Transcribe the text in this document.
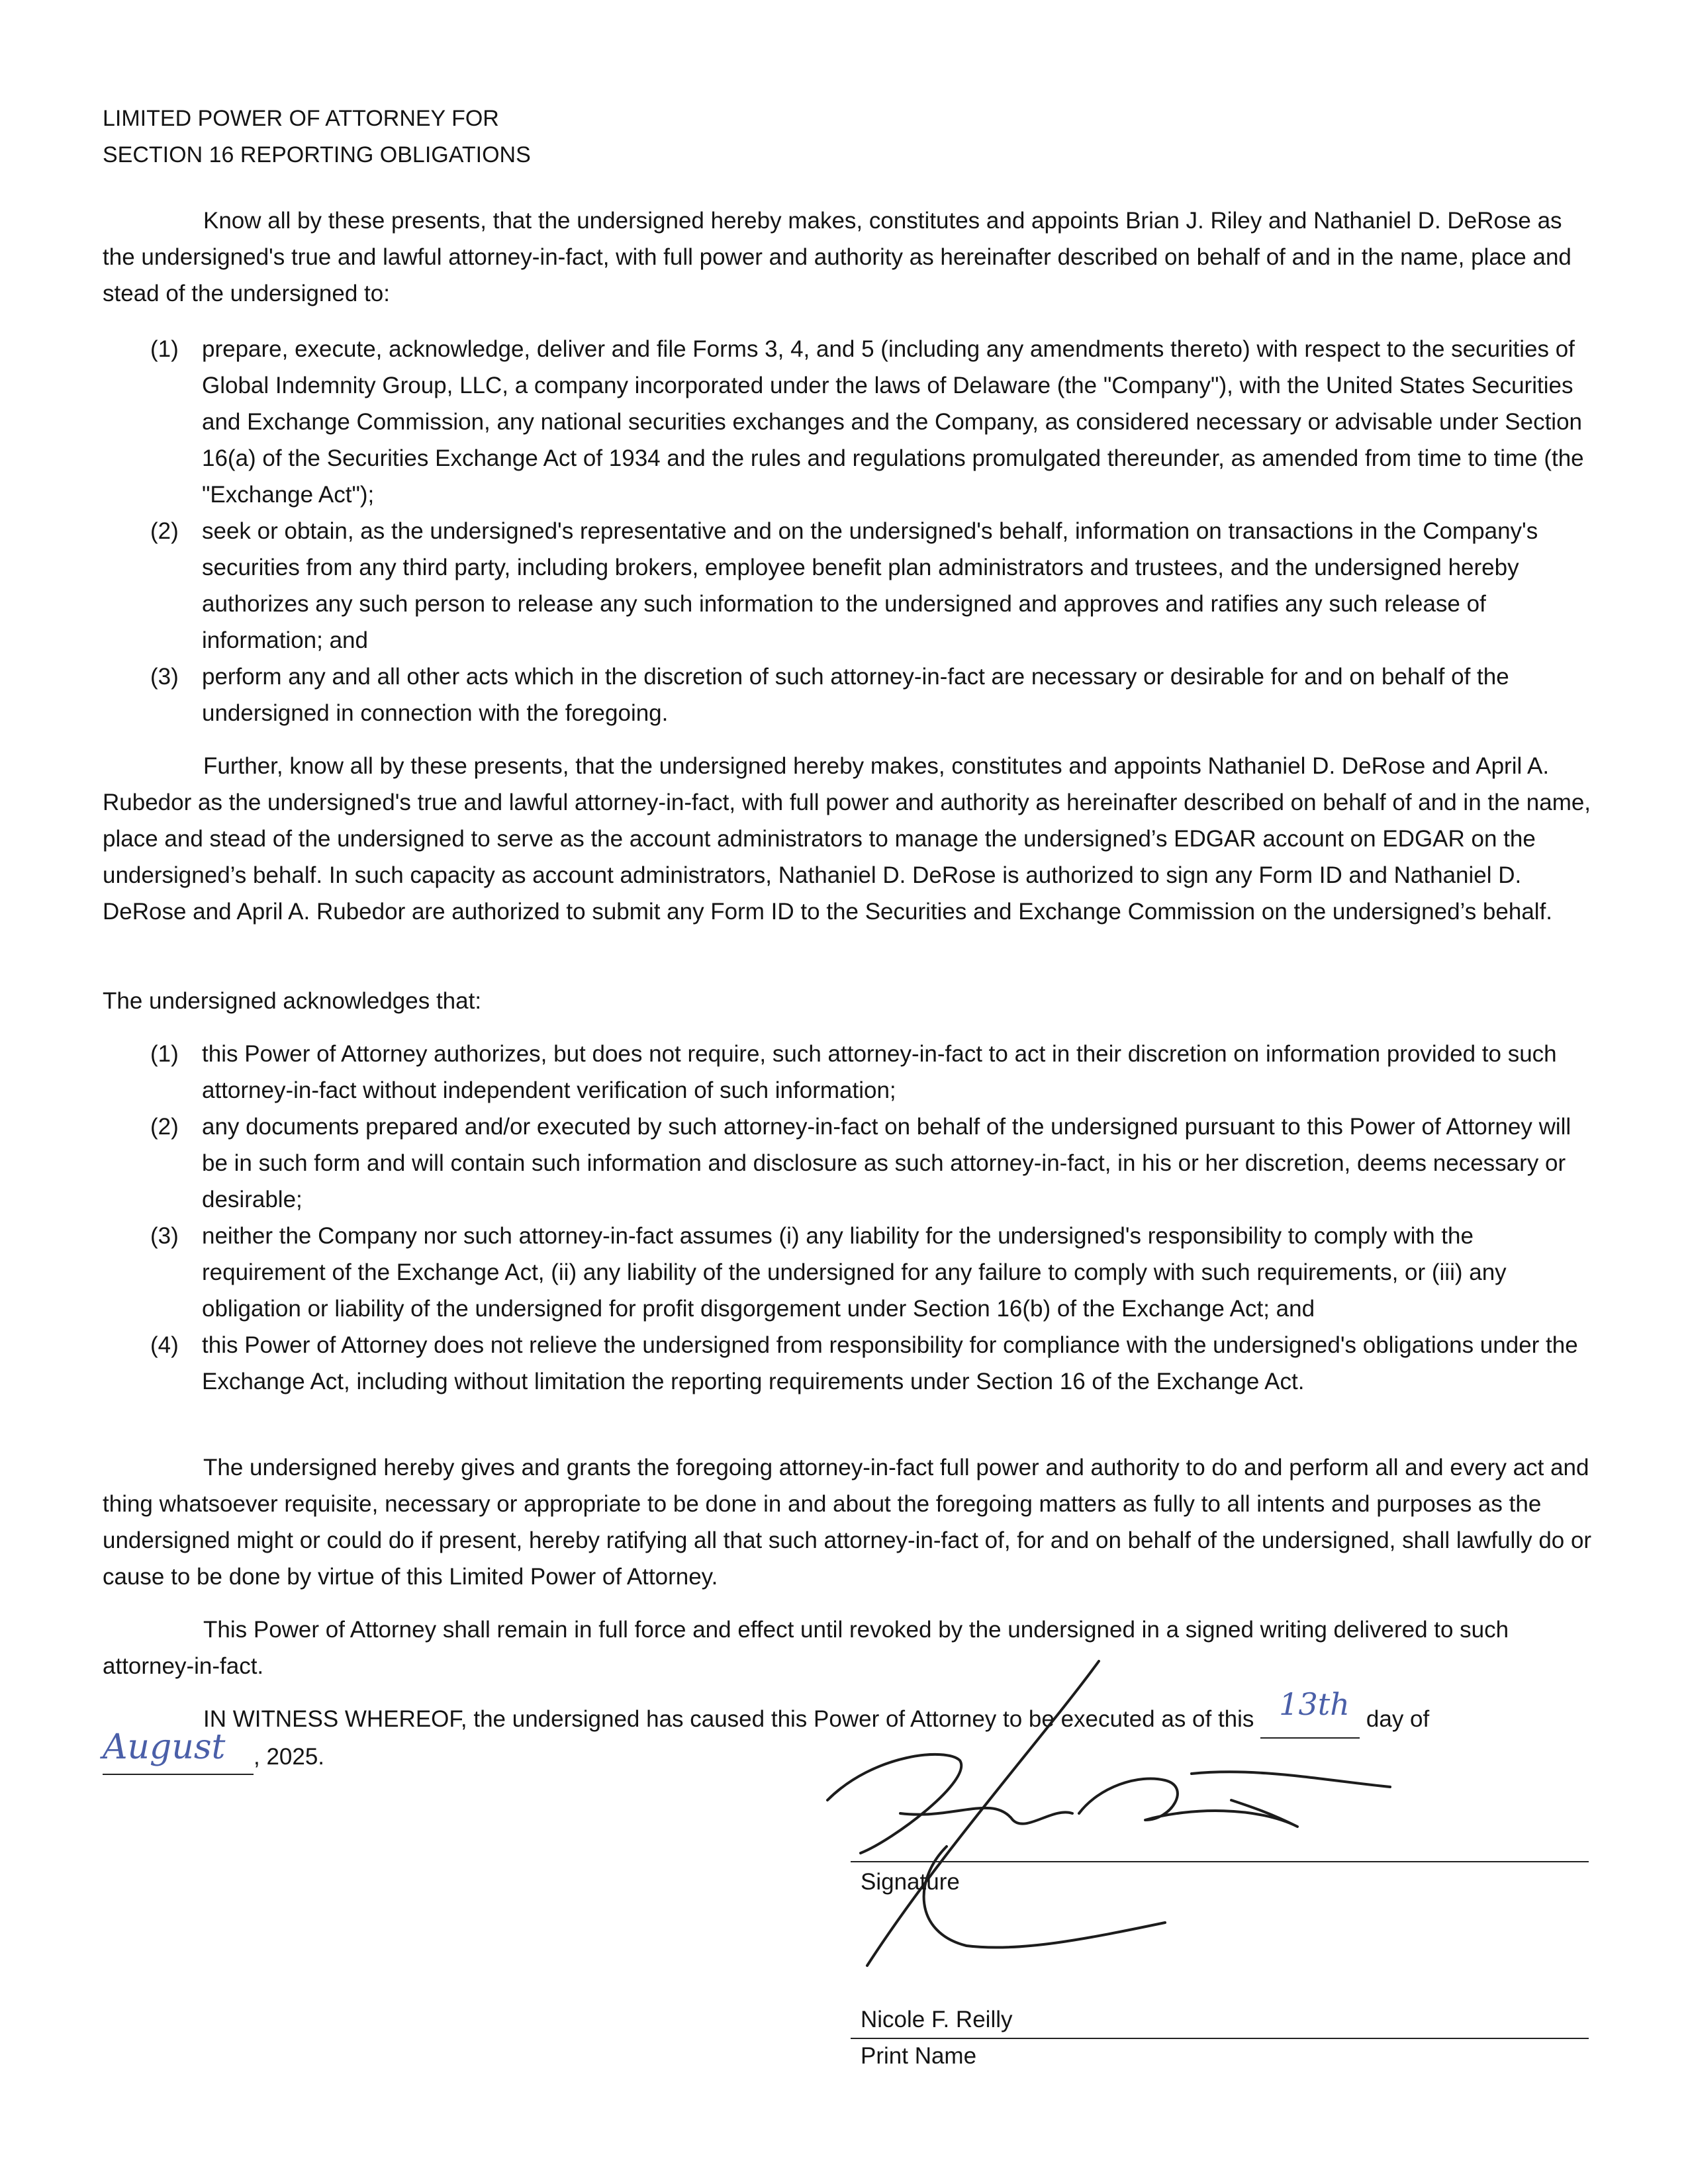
LIMITED POWER OF ATTORNEY FOR
SECTION 16 REPORTING OBLIGATIONS

Know all by these presents, that the undersigned hereby makes, constitutes and appoints Brian J. Riley and Nathaniel D. DeRose as the undersigned's true and lawful attorney-in-fact, with full power and authority as hereinafter described on behalf of and in the name, place and stead of the undersigned to:

(1) prepare, execute, acknowledge, deliver and file Forms 3, 4, and 5 (including any amendments thereto) with respect to the securities of Global Indemnity Group, LLC, a company incorporated under the laws of Delaware (the "Company"), with the United States Securities and Exchange Commission, any national securities exchanges and the Company, as considered necessary or advisable under Section 16(a) of the Securities Exchange Act of 1934 and the rules and regulations promulgated thereunder, as amended from time to time (the "Exchange Act");
(2) seek or obtain, as the undersigned's representative and on the undersigned's behalf, information on transactions in the Company's securities from any third party, including brokers, employee benefit plan administrators and trustees, and the undersigned hereby authorizes any such person to release any such information to the undersigned and approves and ratifies any such release of information; and
(3) perform any and all other acts which in the discretion of such attorney-in-fact are necessary or desirable for and on behalf of the undersigned in connection with the foregoing.

Further, know all by these presents, that the undersigned hereby makes, constitutes and appoints Nathaniel D. DeRose and April A. Rubedor as the undersigned's true and lawful attorney-in-fact, with full power and authority as hereinafter described on behalf of and in the name, place and stead of the undersigned to serve as the account administrators to manage the undersigned’s EDGAR account on EDGAR on the undersigned’s behalf. In such capacity as account administrators, Nathaniel D. DeRose is authorized to sign any Form ID and Nathaniel D. DeRose and April A. Rubedor are authorized to submit any Form ID to the Securities and Exchange Commission on the undersigned’s behalf.

The undersigned acknowledges that:

(1) this Power of Attorney authorizes, but does not require, such attorney-in-fact to act in their discretion on information provided to such attorney-in-fact without independent verification of such information;
(2) any documents prepared and/or executed by such attorney-in-fact on behalf of the undersigned pursuant to this Power of Attorney will be in such form and will contain such information and disclosure as such attorney-in-fact, in his or her discretion, deems necessary or desirable;
(3) neither the Company nor such attorney-in-fact assumes (i) any liability for the undersigned's responsibility to comply with the requirement of the Exchange Act, (ii) any liability of the undersigned for any failure to comply with such requirements, or (iii) any obligation or liability of the undersigned for profit disgorgement under Section 16(b) of the Exchange Act; and
(4) this Power of Attorney does not relieve the undersigned from responsibility for compliance with the undersigned's obligations under the Exchange Act, including without limitation the reporting requirements under Section 16 of the Exchange Act.

The undersigned hereby gives and grants the foregoing attorney-in-fact full power and authority to do and perform all and every act and thing whatsoever requisite, necessary or appropriate to be done in and about the foregoing matters as fully to all intents and purposes as the undersigned might or could do if present, hereby ratifying all that such attorney-in-fact of, for and on behalf of the undersigned, shall lawfully do or cause to be done by virtue of this Limited Power of Attorney.

This Power of Attorney shall remain in full force and effect until revoked by the undersigned in a signed writing delivered to such attorney-in-fact.

IN WITNESS WHEREOF, the undersigned has caused this Power of Attorney to be executed as of this 13th day of
August , 2025.
Signature
Nicole F. Reilly
Print Name
